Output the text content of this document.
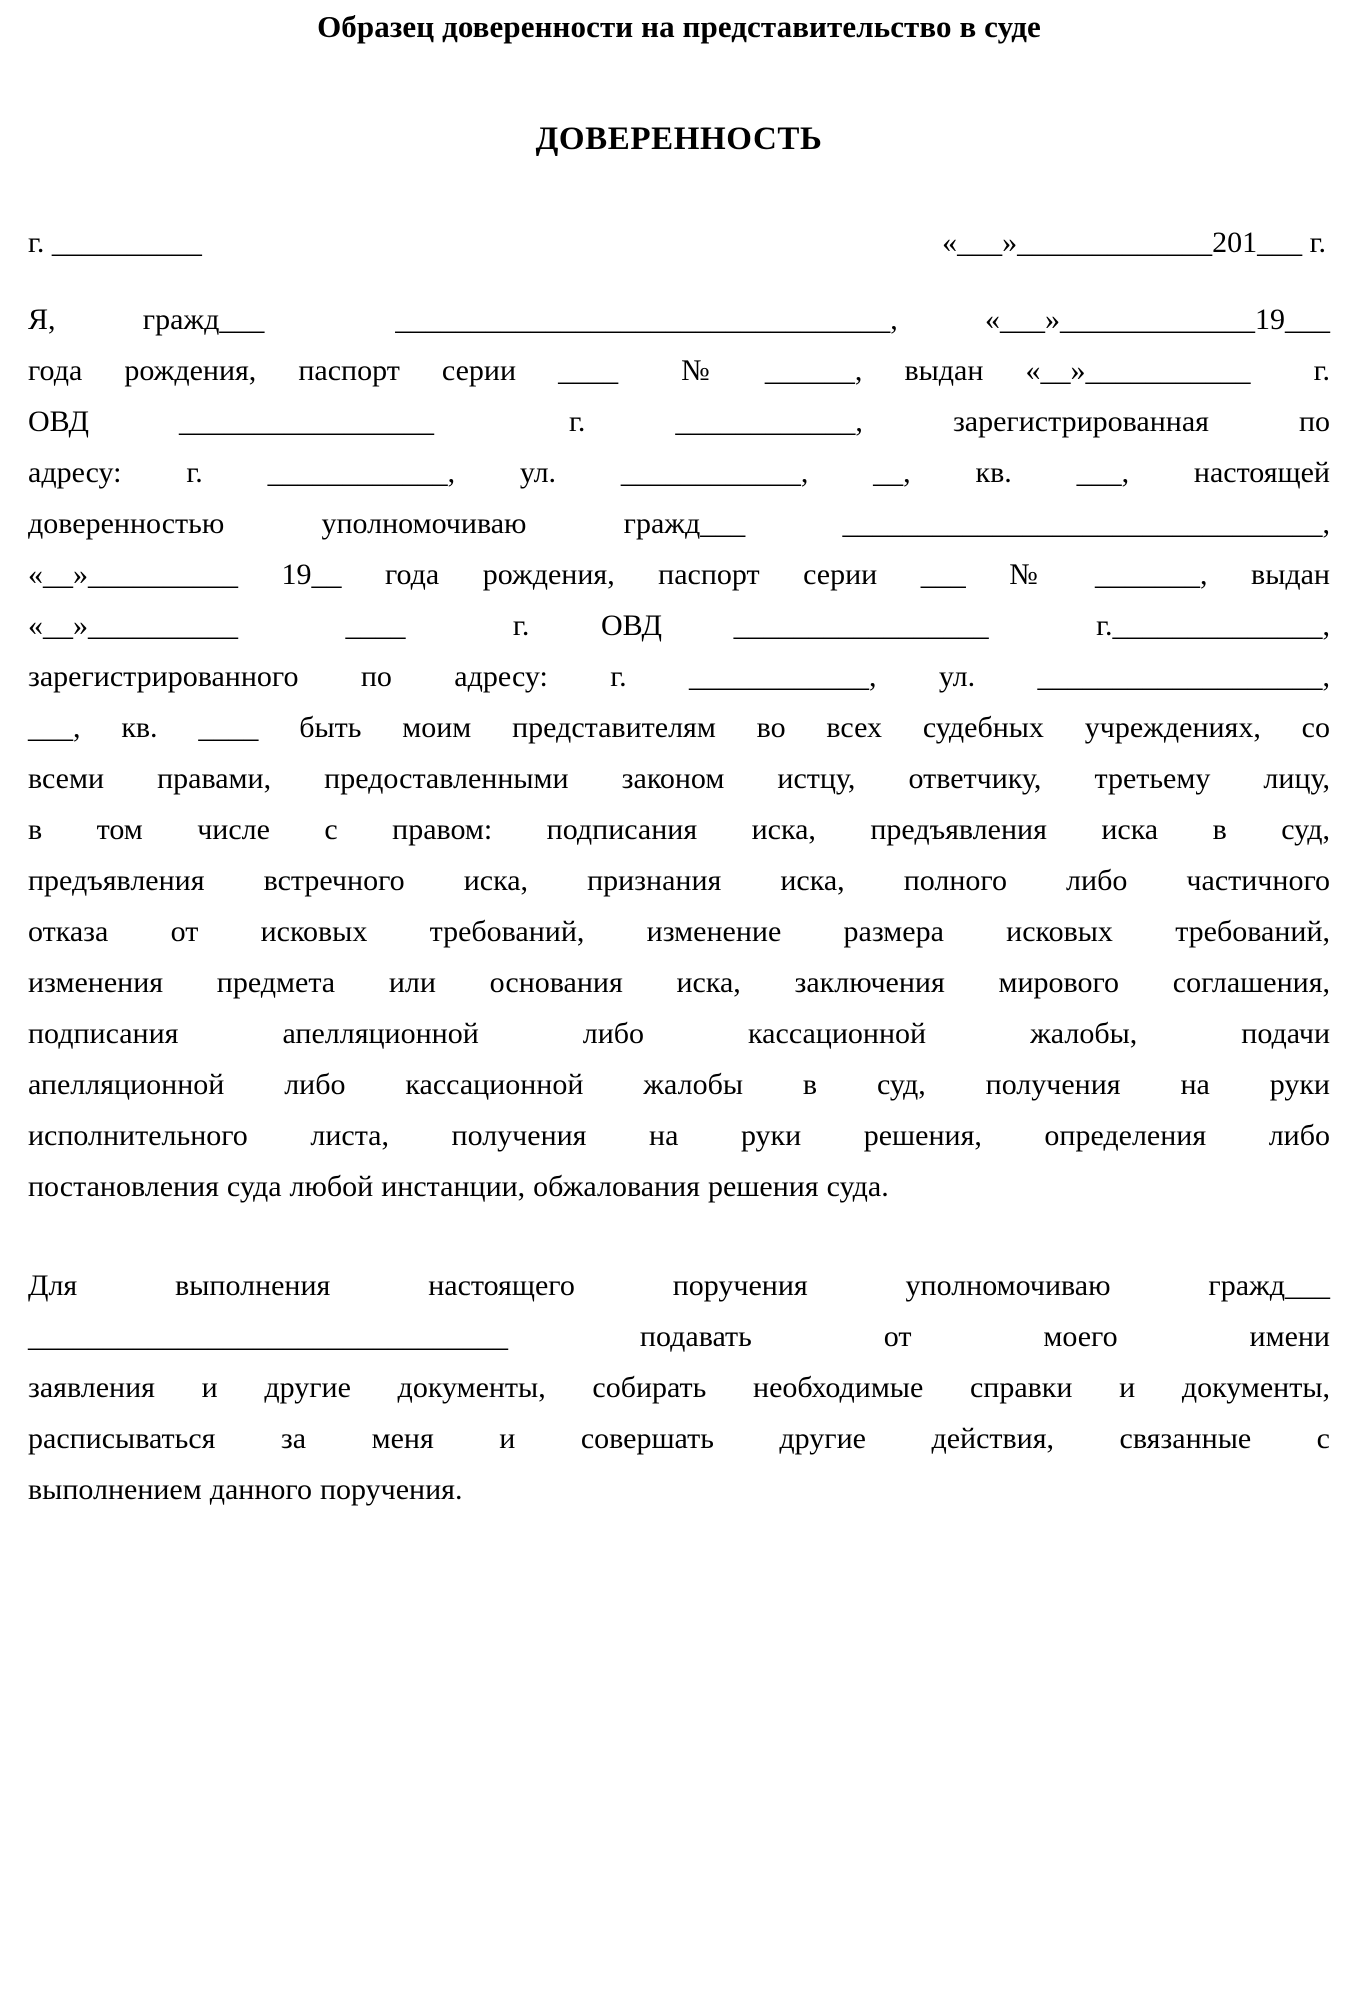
Образец доверенности на представительство в суде
ДОВЕРЕННОСТЬ
г. __________	«___»_____________201___ г.

Я,  гражд___   _________________________________,  «___»_____________19___
года  рождения,  паспорт  серии  ____   №  ______,  выдан  «__»___________   г.
ОВД  _________________   г.  ____________,  зарегистрированная  по
адресу:  г.  ____________,  ул.  ____________,  __,  кв.  ___,  настоящей
доверенностью  уполномочиваю  гражд___  ________________________________,
«__»__________  19__  года  рождения,  паспорт  серии  ___  №  _______,  выдан
«__»__________   ____   г.  ОВД  _________________   г.______________,
зарегистрированного  по  адресу:  г.  ____________,  ул.  ___________________,
___,  кв.  ____  быть  моим  представителям  во  всех  судебных  учреждениях,  со
всеми  правами,  предоставленными  законом  истцу,  ответчику,  третьему  лицу,
в  том  числе  с  правом:  подписания  иска,  предъявления  иска  в  суд,
предъявления  встречного  иска,  признания  иска,  полного  либо  частичного
отказа  от  исковых  требований,  изменение  размера  исковых  требований,
изменения  предмета  или  основания  иска,  заключения  мирового  соглашения,
подписания  апелляционной  либо  кассационной  жалобы,  подачи
апелляционной  либо  кассационной  жалобы  в  суд,  получения  на  руки
исполнительного  листа,  получения  на  руки  решения,  определения  либо
постановления суда любой инстанции, обжалования решения суда.

Для  выполнения  настоящего  поручения  уполномочиваю  гражд___
________________________________  подавать  от  моего  имени
заявления и другие документы, собирать необходимые справки и документы,
расписываться  за  меня  и  совершать  другие  действия,  связанные  с
выполнением данного поручения.
